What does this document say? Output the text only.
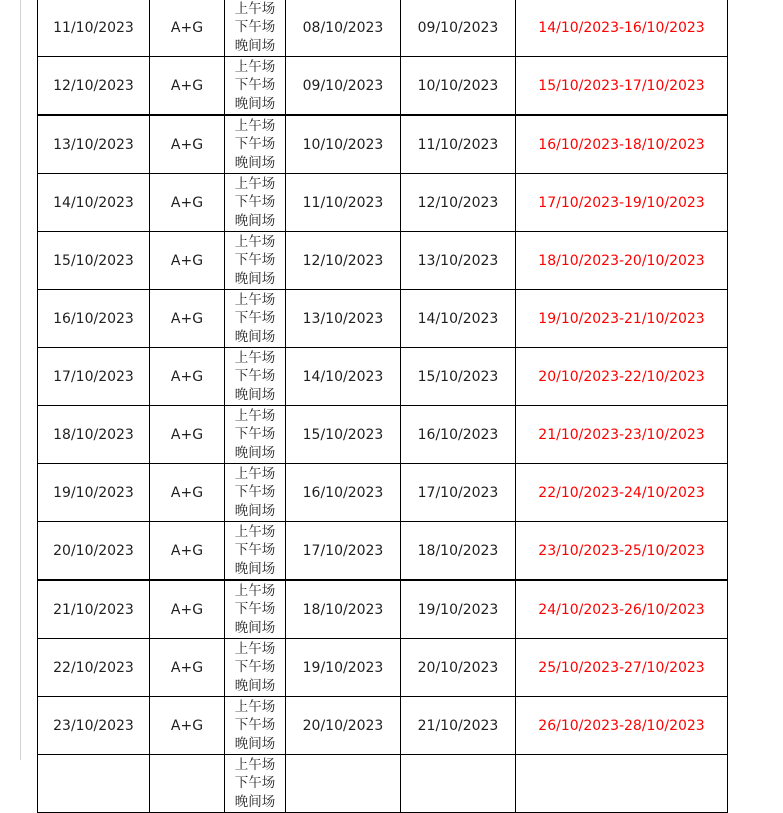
11/10/2023	A+G	上午场
下午场
晚间场	08/10/2023	09/10/2023	14/10/2023-16/10/2023
12/10/2023	A+G	上午场
下午场
晚间场	09/10/2023	10/10/2023	15/10/2023-17/10/2023
13/10/2023	A+G	上午场
下午场
晚间场	10/10/2023	11/10/2023	16/10/2023-18/10/2023
14/10/2023	A+G	上午场
下午场
晚间场	11/10/2023	12/10/2023	17/10/2023-19/10/2023
15/10/2023	A+G	上午场
下午场
晚间场	12/10/2023	13/10/2023	18/10/2023-20/10/2023
16/10/2023	A+G	上午场
下午场
晚间场	13/10/2023	14/10/2023	19/10/2023-21/10/2023
17/10/2023	A+G	上午场
下午场
晚间场	14/10/2023	15/10/2023	20/10/2023-22/10/2023
18/10/2023	A+G	上午场
下午场
晚间场	15/10/2023	16/10/2023	21/10/2023-23/10/2023
19/10/2023	A+G	上午场
下午场
晚间场	16/10/2023	17/10/2023	22/10/2023-24/10/2023
20/10/2023	A+G	上午场
下午场
晚间场	17/10/2023	18/10/2023	23/10/2023-25/10/2023
21/10/2023	A+G	上午场
下午场
晚间场	18/10/2023	19/10/2023	24/10/2023-26/10/2023
22/10/2023	A+G	上午场
下午场
晚间场	19/10/2023	20/10/2023	25/10/2023-27/10/2023
23/10/2023	A+G	上午场
下午场
晚间场	20/10/2023	21/10/2023	26/10/2023-28/10/2023

		上午场
下午场
晚间场			
